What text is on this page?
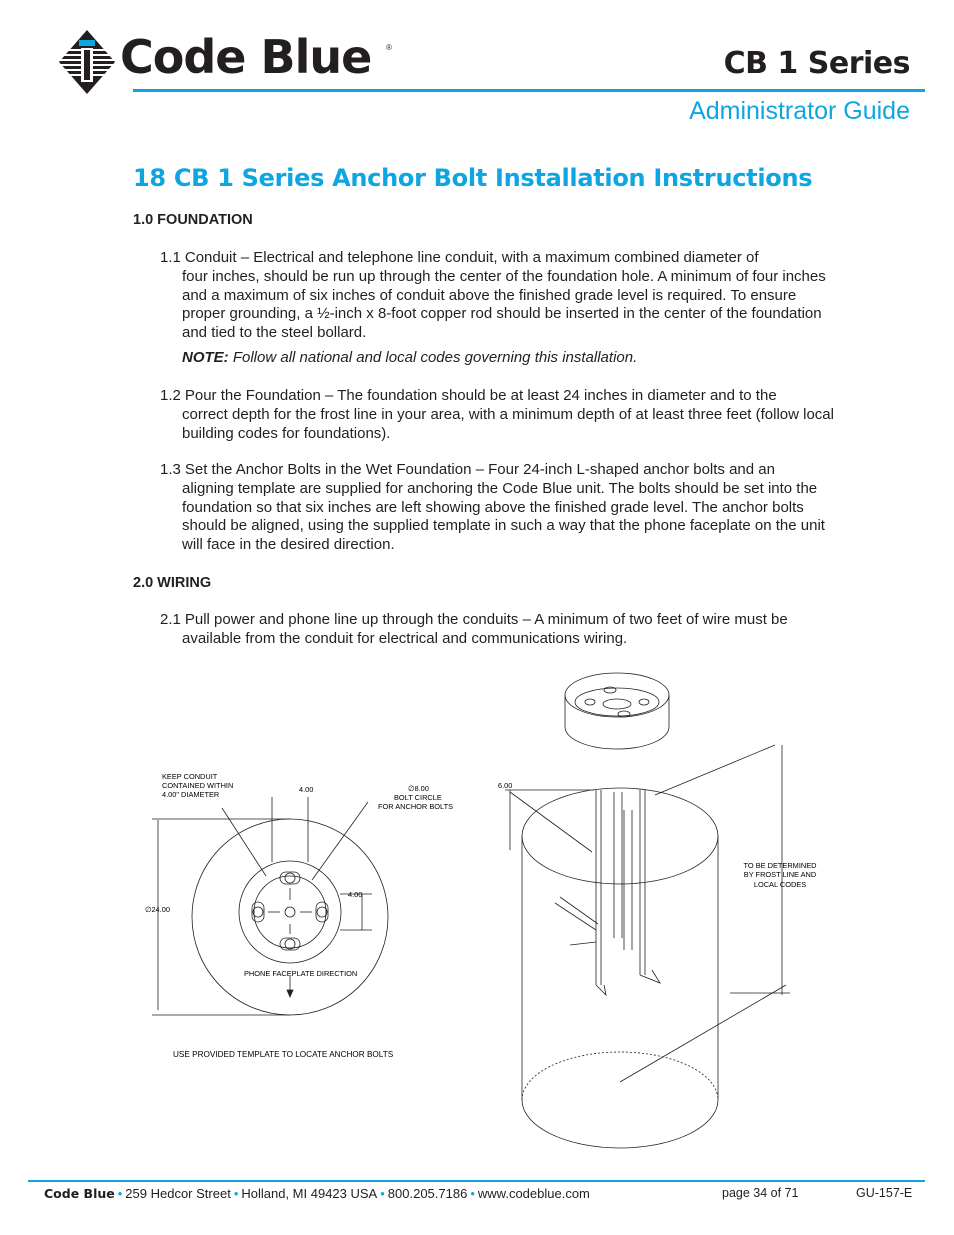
Code Blue ®	CB 1 Series
Administrator Guide
18 CB 1 Series Anchor Bolt Installation Instructions
1.0 FOUNDATION
1.1 Conduit – Electrical and telephone line conduit, with a maximum combined diameter of
four inches, should be run up through the center of the foundation hole. A minimum of four inches and a maximum of six inches of conduit above the finished grade level is required. To ensure proper grounding, a ½-inch x 8-foot copper rod should be inserted in the center of the foundation and tied to the steel bollard.
NOTE: Follow all national and local codes governing this installation.
1.2 Pour the Foundation – The foundation should be at least 24 inches in diameter and to the
correct depth for the frost line in your area, with a minimum depth of at least three feet (follow local building codes for foundations).
1.3 Set the Anchor Bolts in the Wet Foundation – Four 24-inch L-shaped anchor bolts and an
aligning template are supplied for anchoring the Code Blue unit. The bolts should be set into the foundation so that six inches are left showing above the finished grade level. The anchor bolts should be aligned, using the supplied template in such a way that the phone faceplate on the unit will face in the desired direction.
2.0 WIRING
2.1 Pull power and phone line up through the conduits – A minimum of two feet of wire must be
available from the conduit for electrical and communications wiring.
KEEP CONDUIT
CONTAINED WITHIN
4.00" DIAMETER
4.00	∅8.00
BOLT CIRCLE
FOR ANCHOR BOLTS
4.00
∅24.00
PHONE FACEPLATE DIRECTION
USE PROVIDED TEMPLATE TO LOCATE ANCHOR BOLTS
6.00
TO BE DETERMINED
BY FROST LINE AND
LOCAL CODES
Code Blue • 259 Hedcor Street • Holland, MI 49423 USA • 800.205.7186 • www.codeblue.com	page 34 of 71	GU-157-E
